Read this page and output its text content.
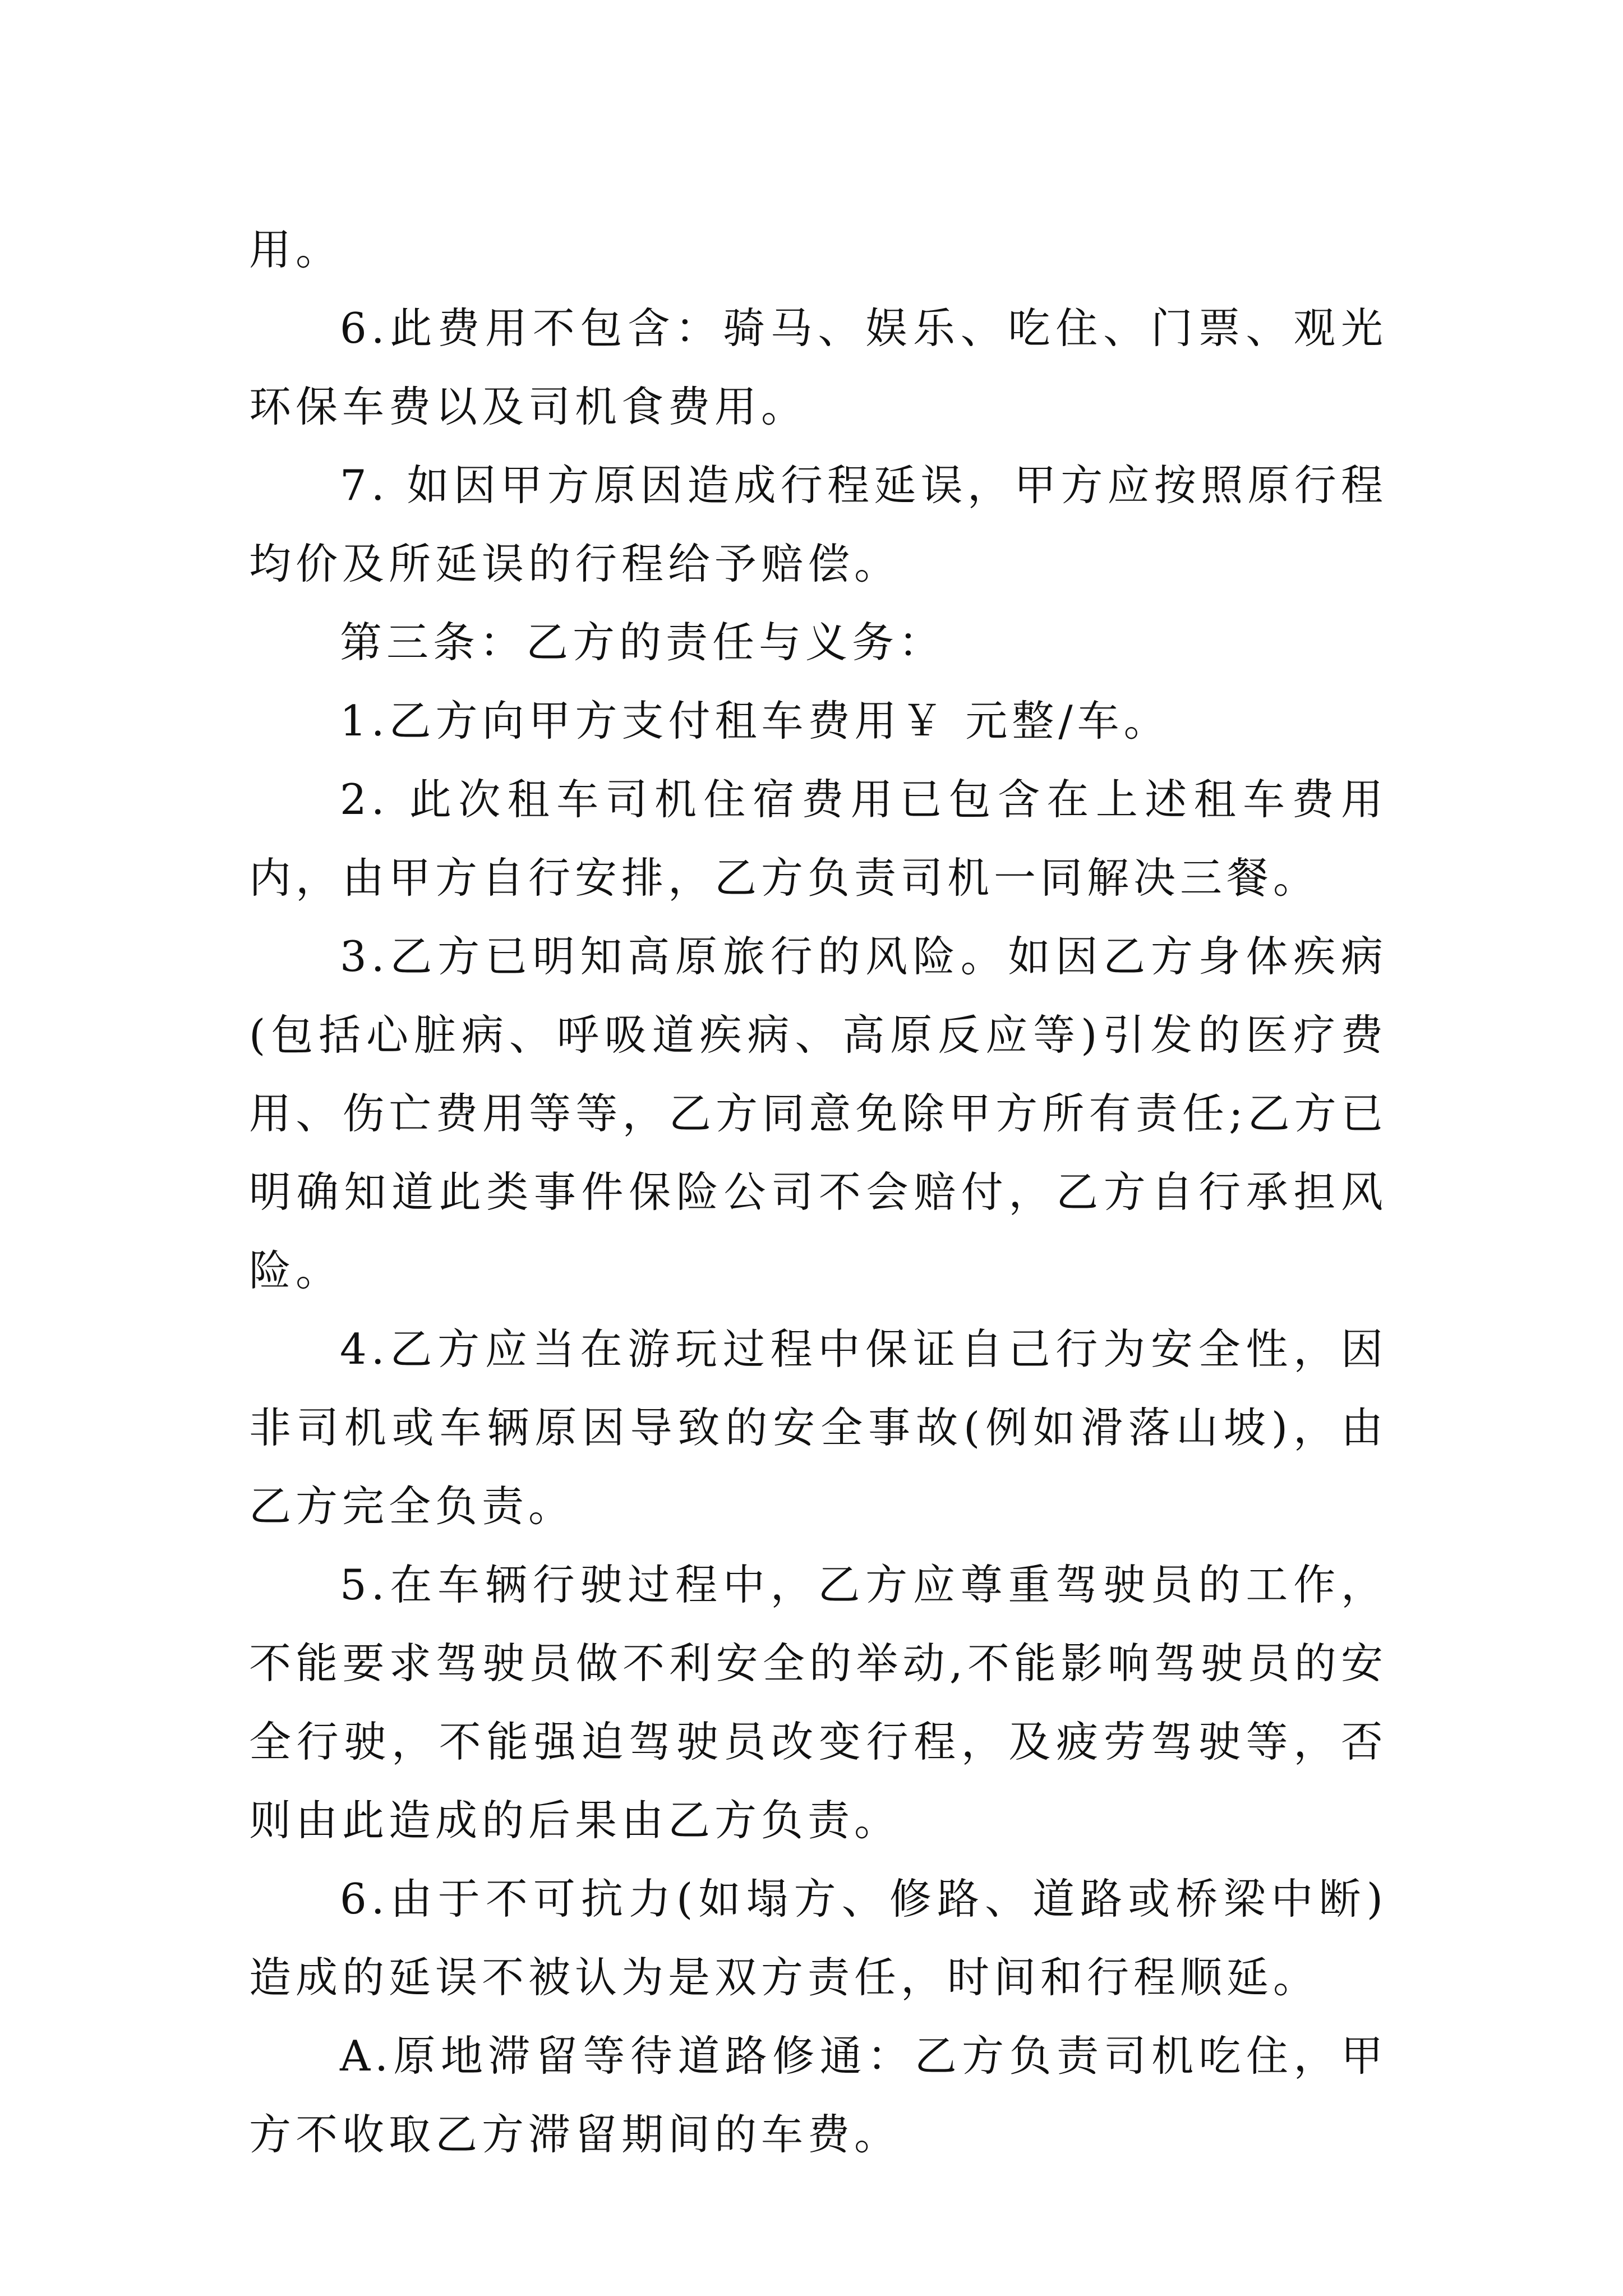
用。

6.此费用不包含：骑马、娱乐、吃住、门票、观光环保车费以及司机食费用。

7. 如因甲方原因造成行程延误，甲方应按照原行程均价及所延误的行程给予赔偿。

第三条：乙方的责任与义务：

1.乙方向甲方支付租车费用￥ 元整/车。

2. 此次租车司机住宿费用已包含在上述租车费用内，由甲方自行安排，乙方负责司机一同解决三餐。

3.乙方已明知高原旅行的风险。如因乙方身体疾病(包括心脏病、呼吸道疾病、高原反应等)引发的医疗费用、伤亡费用等等，乙方同意免除甲方所有责任;乙方已明确知道此类事件保险公司不会赔付，乙方自行承担风险。

4.乙方应当在游玩过程中保证自己行为安全性，因非司机或车辆原因导致的安全事故(例如滑落山坡)，由乙方完全负责。

5.在车辆行驶过程中，乙方应尊重驾驶员的工作，不能要求驾驶员做不利安全的举动,不能影响驾驶员的安全行驶，不能强迫驾驶员改变行程，及疲劳驾驶等，否则由此造成的后果由乙方负责。

6.由于不可抗力(如塌方、修路、道路或桥梁中断)造成的延误不被认为是双方责任，时间和行程顺延。

A.原地滞留等待道路修通：乙方负责司机吃住，甲方不收取乙方滞留期间的车费。
